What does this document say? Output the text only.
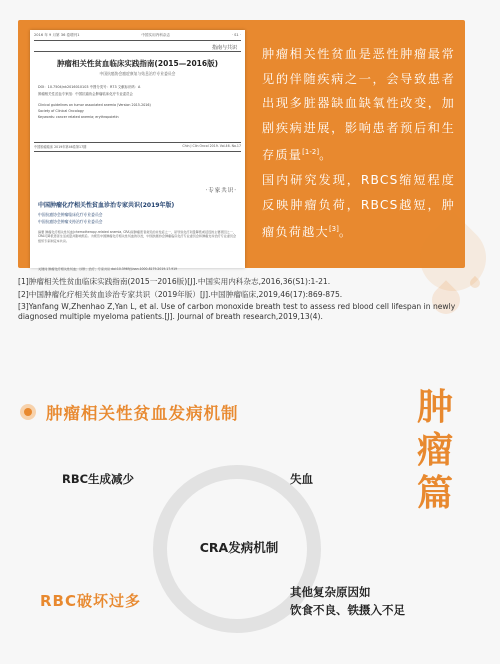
2016 年 9 月第 36 卷增刊1	中国实用内科杂志	· S1 ·
指南与共识
肿瘤相关性贫血临床实践指南(2015—2016版)
中国抗癌协会癌症康复与姑息治疗专业委员会
DOI：10.7504/nk2016010103 中图分类号：R73 文献标识码：A
肿瘤相关性贫血专家组：中国抗癌协会肿瘤临床化疗专业委员会
Clinical guidelines on tumor associated anemia (Version 2015-2016)
Society of Clinical Oncology
Keywords: cancer related anemia; erythropoietin
中国肿瘤临床 2019年第46卷第17期	Chin J Clin Oncol 2019. Vol.46. No.17
·专家共识·
中国肿瘤化疗相关性贫血诊治专家共识(2019年版)
中国抗癌协会肿瘤临床化疗专业委员会
中国抗癌协会肿瘤支持治疗专业委员会
摘要 肿瘤化疗相关性贫血(chemotherapy-related anemia, CRA)是肿瘤患者常见的并发症之一，是导致化疗剂量降低或延迟的主要原因之一，CRA可降低患者生活质量并影响预后。为规范中国肿瘤化疗相关性贫血的诊治，中国抗癌协会肿瘤临床化疗专业委员会和肿瘤支持治疗专业委员会组织专家制定本共识。
关键词 肿瘤化疗相关性贫血；诊断；治疗；专家共识 doi:10.3969/j.issn.1000-8179.2019.17.919

肿瘤相关性贫血是恶性肿瘤最常见的伴随疾病之一，会导致患者出现多脏器缺血缺氧性改变，加剧疾病进展，影响患者预后和生存质量[1-2]。

国内研究发现，RBCS缩短程度反映肿瘤负荷，RBCS越短，肿瘤负荷越大[3]。

[1]肿瘤相关性贫血临床实践指南(2015一2016版)[J].中国实用内科杂志,2016,36(S1):1-21.

[2]中国肿瘤化疗相关贫血诊治专家共识（2019年版）[J].中国肿瘤临床,2019,46(17):869-875.

[3]Yanfang W,Zhenhao Z,Yan L, et al. Use of carbon monoxide breath test to assess red blood cell lifespan in newly diagnosed multiple myeloma patients.[J]. Journal of breath research,2019,13(4).

肿
瘤
篇
肿瘤相关性贫血发病机制
RBC生成减少	失血
CRA发病机制
RBC破坏过多	其他复杂原因如
饮食不良、铁摄入不足
